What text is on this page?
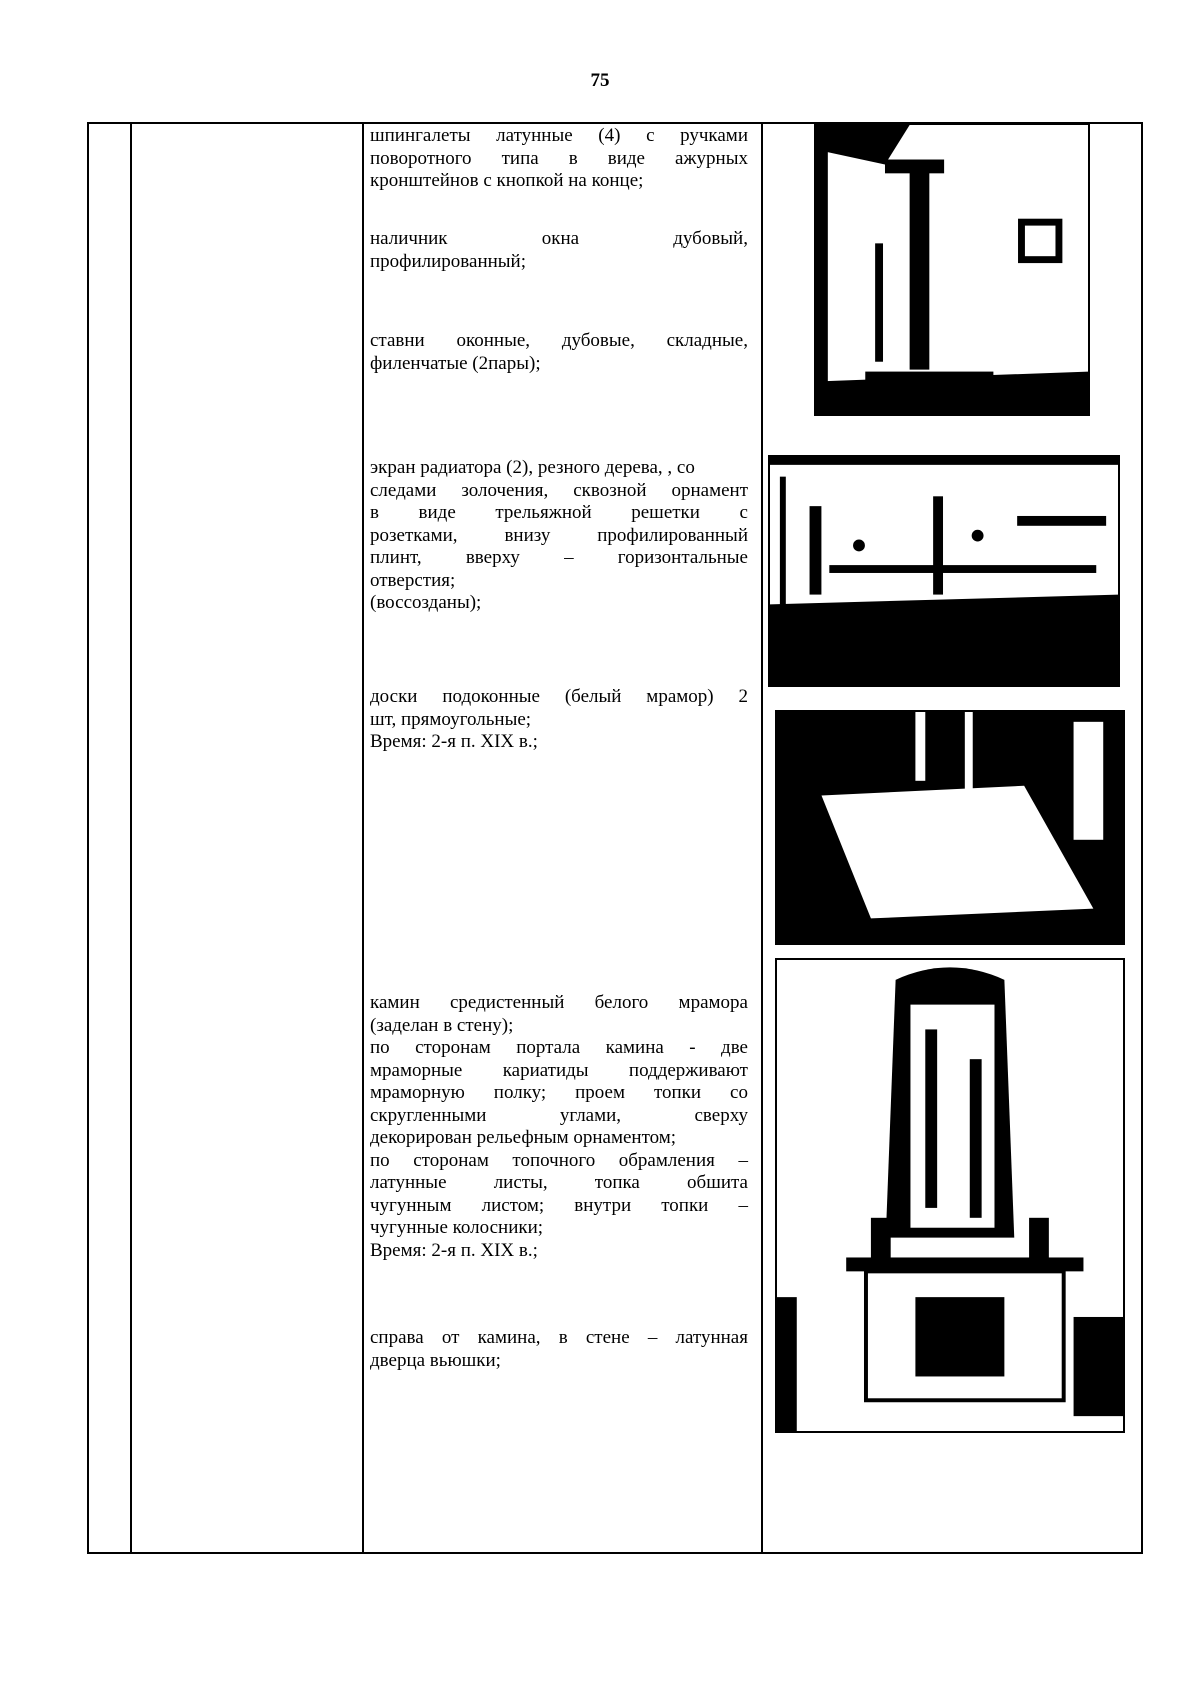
75

шпингалеты латунные (4) с ручками
поворотного типа в виде ажурных
кронштейнов с кнопкой на конце;

наличник	окна	дубовый,
профилированный;

ставни оконные, дубовые, складные,
филенчатые (2пары);

экран радиатора (2), резного дерева, , со
следами золочения, сквозной орнамент
в виде трельяжной решетки с
розетками, внизу профилированный
плинт, вверху – горизонтальные
отверстия;
(воссозданы);

доски подоконные (белый мрамор) 2
шт, прямоугольные;
Время: 2-я п. XIX в.;

камин средистенный белого мрамора
(заделан в стену);
по сторонам портала камина - две
мраморные кариатиды поддерживают
мраморную полку; проем топки со
скругленными	углами,	сверху
декорирован рельефным орнаментом;
по сторонам топочного обрамления –
латунные листы, топка обшита
чугунным листом; внутри топки –
чугунные колосники;
Время: 2-я п. XIX в.;

справа от камина, в стене – латунная
дверца вьюшки;
